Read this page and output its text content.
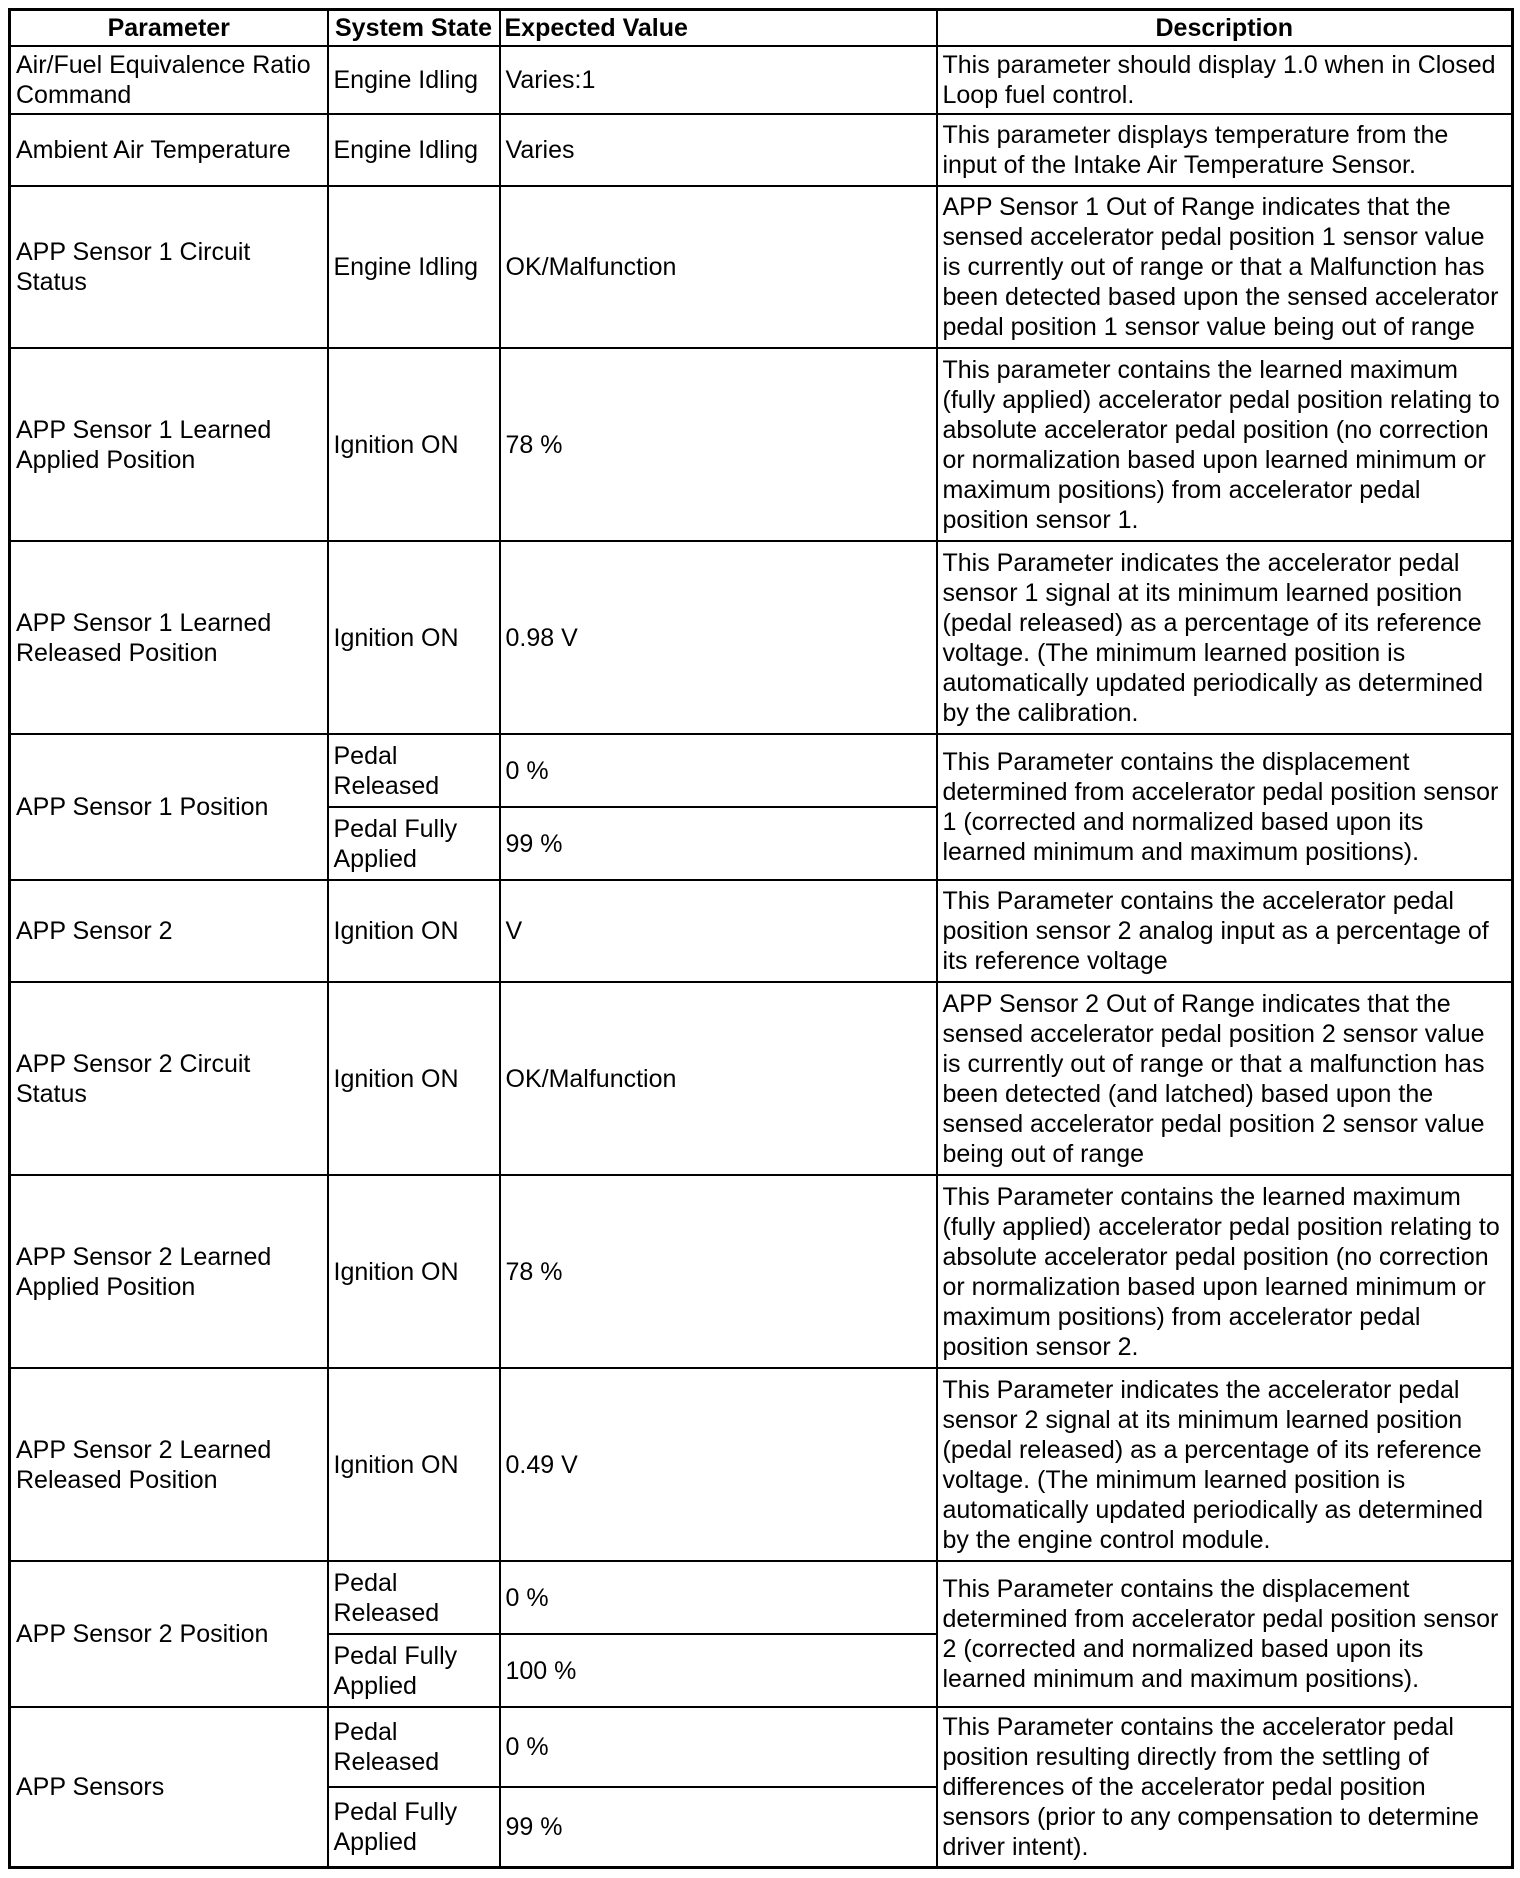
Parameter	System State	Expected Value	Description
Air/Fuel Equivalence Ratio Command	Engine Idling	Varies:1	This parameter should display 1.0 when in Closed Loop fuel control.
Ambient Air Temperature	Engine Idling	Varies	This parameter displays temperature from the input of the Intake Air Temperature Sensor.
APP Sensor 1 Circuit Status	Engine Idling	OK/Malfunction	APP Sensor 1 Out of Range indicates that the sensed accelerator pedal position 1 sensor value is currently out of range or that a Malfunction has been detected based upon the sensed accelerator pedal position 1 sensor value being out of range
APP Sensor 1 Learned Applied Position	Ignition ON	78 %	This parameter contains the learned maximum (fully applied) accelerator pedal position relating to absolute accelerator pedal position (no correction or normalization based upon learned minimum or maximum positions) from accelerator pedal position sensor 1.
APP Sensor 1 Learned Released Position	Ignition ON	0.98 V	This Parameter indicates the accelerator pedal sensor 1 signal at its minimum learned position (pedal released) as a percentage of its reference voltage. (The minimum learned position is automatically updated periodically as determined by the calibration.
APP Sensor 1 Position	Pedal Released	0 %	This Parameter contains the displacement determined from accelerator pedal position sensor 1 (corrected and normalized based upon its learned minimum and maximum positions).
	Pedal Fully Applied	99 %	
APP Sensor 2	Ignition ON	V	This Parameter contains the accelerator pedal position sensor 2 analog input as a percentage of its reference voltage
APP Sensor 2 Circuit Status	Ignition ON	OK/Malfunction	APP Sensor 2 Out of Range indicates that the sensed accelerator pedal position 2 sensor value is currently out of range or that a malfunction has been detected (and latched) based upon the sensed accelerator pedal position 2 sensor value being out of range
APP Sensor 2 Learned Applied Position	Ignition ON	78 %	This Parameter contains the learned maximum (fully applied) accelerator pedal position relating to absolute accelerator pedal position (no correction or normalization based upon learned minimum or maximum positions) from accelerator pedal position sensor 2.
APP Sensor 2 Learned Released Position	Ignition ON	0.49 V	This Parameter indicates the accelerator pedal sensor 2 signal at its minimum learned position (pedal released) as a percentage of its reference voltage. (The minimum learned position is automatically updated periodically as determined by the engine control module.
APP Sensor 2 Position	Pedal Released	0 %	This Parameter contains the displacement determined from accelerator pedal position sensor 2 (corrected and normalized based upon its learned minimum and maximum positions).
	Pedal Fully Applied	100 %	
APP Sensors	Pedal Released	0 %	This Parameter contains the accelerator pedal position resulting directly from the settling of differences of the accelerator pedal position sensors (prior to any compensation to determine driver intent).
	Pedal Fully Applied	99 %	
